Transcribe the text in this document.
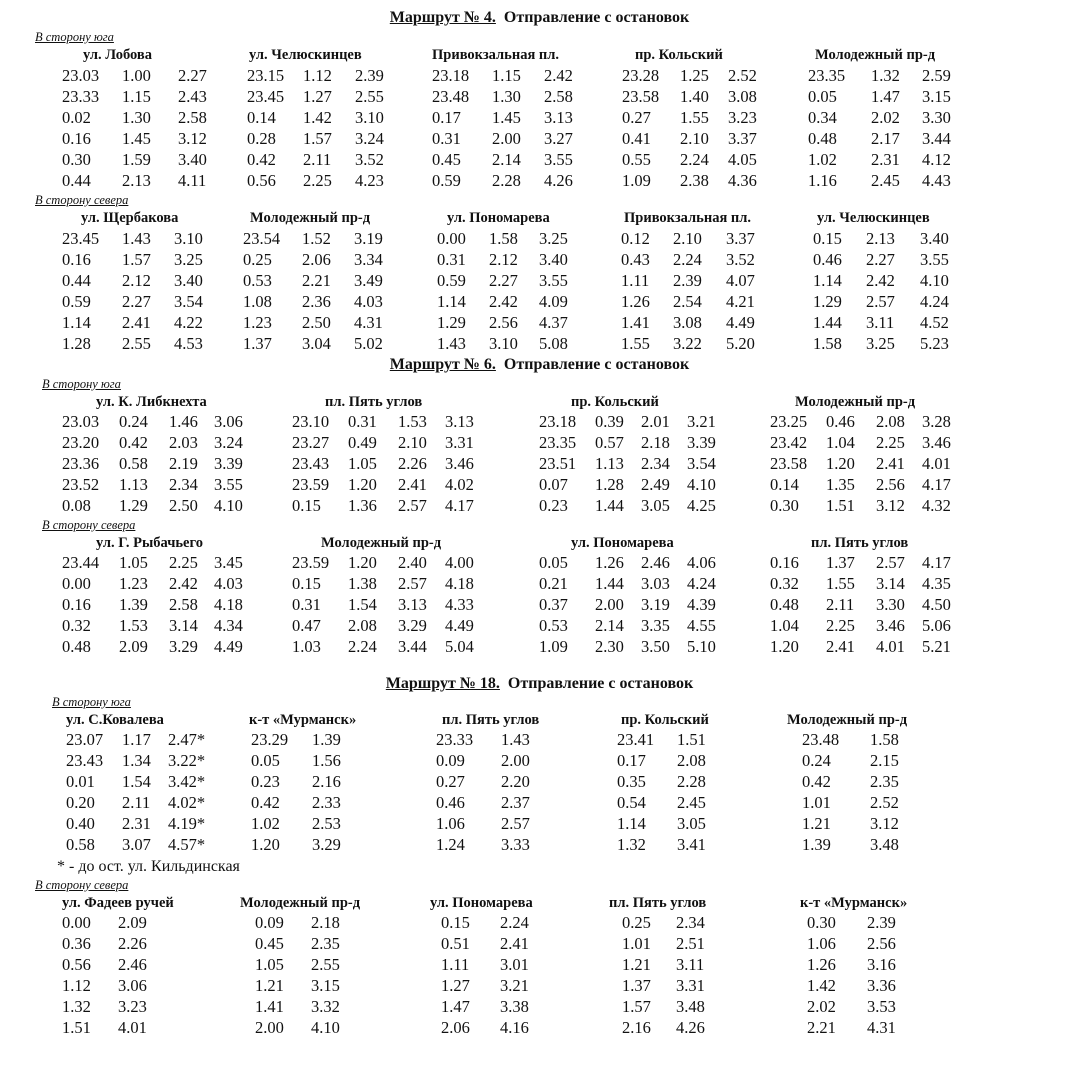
Маршрут № 4. Отправление с остановок
В сторону юга
ул. Лобова
23.03 1.00 2.27
23.33 1.15 2.43
0.02 1.30 2.58
0.16 1.45 3.12
0.30 1.59 3.40
0.44 2.13 4.11
ул. Челюскинцев
23.15 1.12 2.39
23.45 1.27 2.55
0.14 1.42 3.10
0.28 1.57 3.24
0.42 2.11 3.52
0.56 2.25 4.23
Привокзальная пл.
23.18 1.15 2.42
23.48 1.30 2.58
0.17 1.45 3.13
0.31 2.00 3.27
0.45 2.14 3.55
0.59 2.28 4.26
пр. Кольский
23.28 1.25 2.52
23.58 1.40 3.08
0.27 1.55 3.23
0.41 2.10 3.37
0.55 2.24 4.05
1.09 2.38 4.36
Молодежный пр-д
23.35 1.32 2.59
0.05 1.47 3.15
0.34 2.02 3.30
0.48 2.17 3.44
1.02 2.31 4.12
1.16 2.45 4.43
В сторону севера
ул. Щербакова
23.45 1.43 3.10
0.16 1.57 3.25
0.44 2.12 3.40
0.59 2.27 3.54
1.14 2.41 4.22
1.28 2.55 4.53
Молодежный пр-д
23.54 1.52 3.19
0.25 2.06 3.34
0.53 2.21 3.49
1.08 2.36 4.03
1.23 2.50 4.31
1.37 3.04 5.02
ул. Пономарева
0.00 1.58 3.25
0.31 2.12 3.40
0.59 2.27 3.55
1.14 2.42 4.09
1.29 2.56 4.37
1.43 3.10 5.08
Привокзальная пл.
0.12 2.10 3.37
0.43 2.24 3.52
1.11 2.39 4.07
1.26 2.54 4.21
1.41 3.08 4.49
1.55 3.22 5.20
ул. Челюскинцев
0.15 2.13 3.40
0.46 2.27 3.55
1.14 2.42 4.10
1.29 2.57 4.24
1.44 3.11 4.52
1.58 3.25 5.23
Маршрут № 6. Отправление с остановок
В сторону юга
ул. К. Либкнехта
23.03 0.24 1.46 3.06
23.20 0.42 2.03 3.24
23.36 0.58 2.19 3.39
23.52 1.13 2.34 3.55
0.08 1.29 2.50 4.10
пл. Пять углов
23.10 0.31 1.53 3.13
23.27 0.49 2.10 3.31
23.43 1.05 2.26 3.46
23.59 1.20 2.41 4.02
0.15 1.36 2.57 4.17
пр. Кольский
23.18 0.39 2.01 3.21
23.35 0.57 2.18 3.39
23.51 1.13 2.34 3.54
0.07 1.28 2.49 4.10
0.23 1.44 3.05 4.25
Молодежный пр-д
23.25 0.46 2.08 3.28
23.42 1.04 2.25 3.46
23.58 1.20 2.41 4.01
0.14 1.35 2.56 4.17
0.30 1.51 3.12 4.32
В сторону севера
ул. Г. Рыбачьего
23.44 1.05 2.25 3.45
0.00 1.23 2.42 4.03
0.16 1.39 2.58 4.18
0.32 1.53 3.14 4.34
0.48 2.09 3.29 4.49
Молодежный пр-д
23.59 1.20 2.40 4.00
0.15 1.38 2.57 4.18
0.31 1.54 3.13 4.33
0.47 2.08 3.29 4.49
1.03 2.24 3.44 5.04
ул. Пономарева
0.05 1.26 2.46 4.06
0.21 1.44 3.03 4.24
0.37 2.00 3.19 4.39
0.53 2.14 3.35 4.55
1.09 2.30 3.50 5.10
пл. Пять углов
0.16 1.37 2.57 4.17
0.32 1.55 3.14 4.35
0.48 2.11 3.30 4.50
1.04 2.25 3.46 5.06
1.20 2.41 4.01 5.21
Маршрут № 18. Отправление с остановок
* - до ост. ул. Кильдинская
В сторону юга
ул. С.Ковалева
23.07 1.17 2.47*
23.43 1.34 3.22*
0.01 1.54 3.42*
0.20 2.11 4.02*
0.40 2.31 4.19*
0.58 3.07 4.57*
к-т «Мурманск»
23.29 1.39
0.05 1.56
0.23 2.16
0.42 2.33
1.02 2.53
1.20 3.29
пл. Пять углов
23.33 1.43
0.09 2.00
0.27 2.20
0.46 2.37
1.06 2.57
1.24 3.33
пр. Кольский
23.41 1.51
0.17 2.08
0.35 2.28
0.54 2.45
1.14 3.05
1.32 3.41
Молодежный пр-д
23.48 1.58
0.24 2.15
0.42 2.35
1.01 2.52
1.21 3.12
1.39 3.48
В сторону севера
ул. Фадеев ручей
0.00 2.09
0.36 2.26
0.56 2.46
1.12 3.06
1.32 3.23
1.51 4.01
Молодежный пр-д
0.09 2.18
0.45 2.35
1.05 2.55
1.21 3.15
1.41 3.32
2.00 4.10
ул. Пономарева
0.15 2.24
0.51 2.41
1.11 3.01
1.27 3.21
1.47 3.38
2.06 4.16
пл. Пять углов
0.25 2.34
1.01 2.51
1.21 3.11
1.37 3.31
1.57 3.48
2.16 4.26
к-т «Мурманск»
0.30 2.39
1.06 2.56
1.26 3.16
1.42 3.36
2.02 3.53
2.21 4.31
